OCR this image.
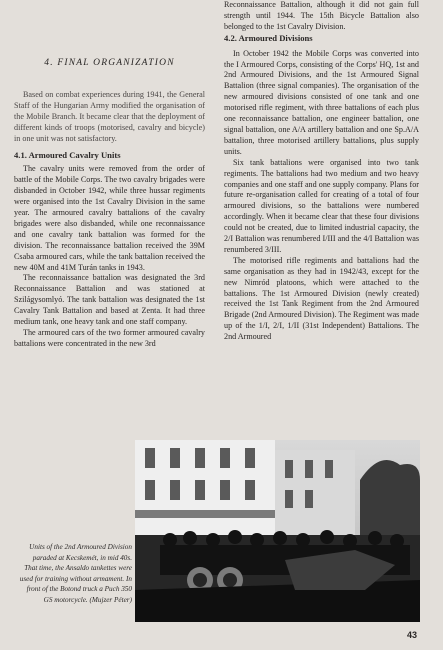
4. FINAL ORGANIZATION

Based on combat experiences during 1941, the General Staff of the Hungarian Army modified the organisation of the Mobile Branch. It became clear that the deployment of different kinds of troops (motorised, cavalry and bicycle) in one unit was not satisfactory.

4.1. Armoured Cavalry Units

The cavalry units were removed from the order of battle of the Mobile Corps. The two cavalry brigades were disbanded in October 1942, while three hussar regiments were organised into the 1st Cavalry Division in the same year. The armoured cavalry battalions of the cavalry brigades were also disbanded, while one reconnaissance and one cavalry tank battalion was formed for the division. The reconnaissance battalion received the 39M Csaba armoured cars, while the tank battalion received the new 40M and 41M Turán tanks in 1943.

The reconnaissance battalion was designated the 3rd Reconnaissance Battalion and was stationed at Szilágysomlyó. The tank battalion was designated the 1st Cavalry Tank Battalion and based at Zenta. It had three medium tank, one heavy tank and one staff company.

The armoured cars of the two former armoured cavalry battalions were concentrated in the new 3rd

Reconnaissance Battalion, although it did not gain full strength until 1944. The 15th Bicycle Battalion also belonged to the 1st Cavalry Division.

4.2. Armoured Divisions

In October 1942 the Mobile Corps was converted into the I Armoured Corps, consisting of the Corps' HQ, 1st and 2nd Armoured Divisions, and the 1st Armoured Signal Battalion (three signal companies). The organisation of the new armoured divisions consisted of one tank and one motorised rifle regiment, with three battalions of each plus one reconnaissance battalion, one engineer battalion, one signal battalion, one A/A artillery battalion and one Sp.A/A battalion, three motorised artillery battalions, plus supply units.

Six tank battalions were organised into two tank regiments. The battalions had two medium and two heavy companies and one staff and one supply company. Plans for future re-organisation called for creating of a total of four armoured divisions, so the battalions were numbered accordingly. When it became clear that these four divisions could not be created, due to limited industrial capacity, the 2/I Battalion was renumbered I/III and the 4/I Battalion was renumbered 3/III.

The motorised rifle regiments and battalions had the same organisation as they had in 1942/43, except for the new Nimród platoons, which were attached to the battalions. The 1st Armoured Division (newly created) received the 1st Tank Regiment from the 2nd Armoured Brigade (2nd Armoured Division). The Regiment was made up of the 1/I, 2/I, 1/II (31st Independent) Battalions. The 2nd Armoured

Units of the 2nd Armoured Division paraded at Kecskemét, in mid 40s. That time, the Ansaldo tankettes were used for training without armament. In front of the Botond truck a Puch 350 GS motorcycle. (Mujzer Péter)
43
